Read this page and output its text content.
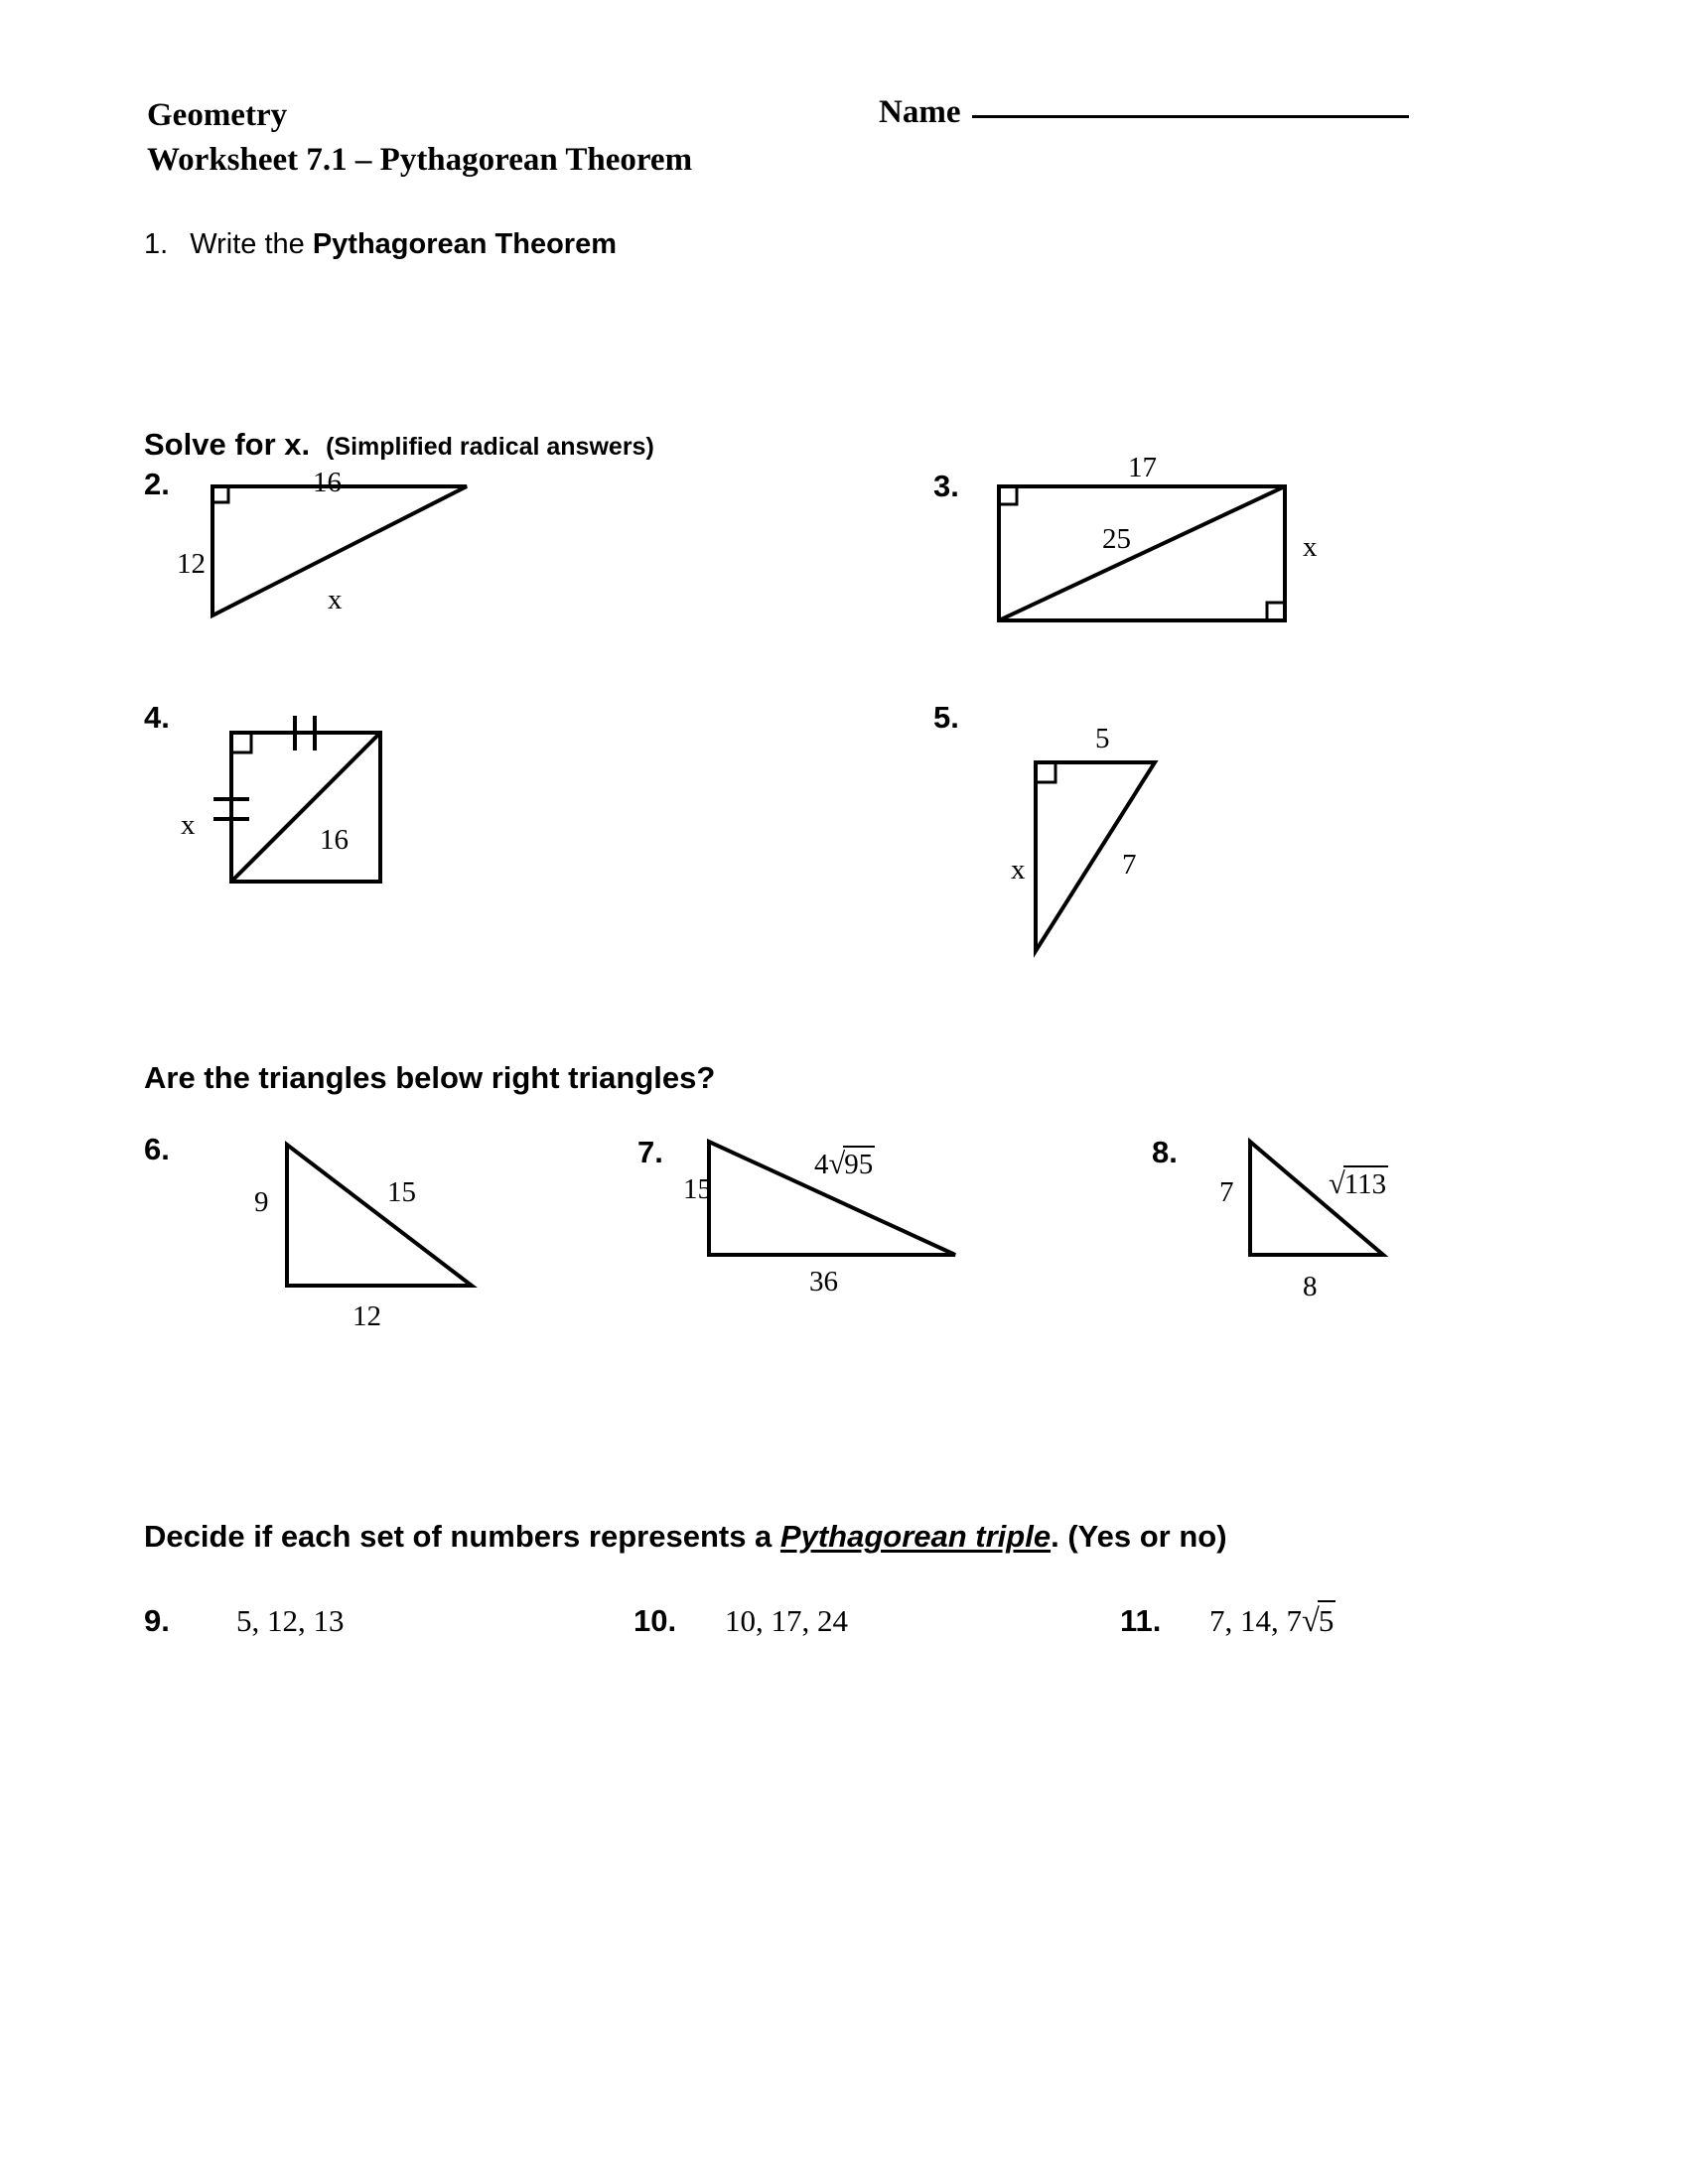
Geometry
Worksheet 7.1 – Pythagorean Theorem
Name
1. Write the Pythagorean Theorem
Solve for x. (Simplified radical answers)
2.	16
12
x
3.
17
25	x
4.
x	16
5.
5
x	7
Are the triangles below right triangles?
6.
9	15
12
7.
15
4√95
36
8.
7	√113
8
Decide if each set of numbers represents a Pythagorean triple. (Yes or no)
9. 5, 12, 13	10. 10, 17, 24	11. 7, 14, 7√5
